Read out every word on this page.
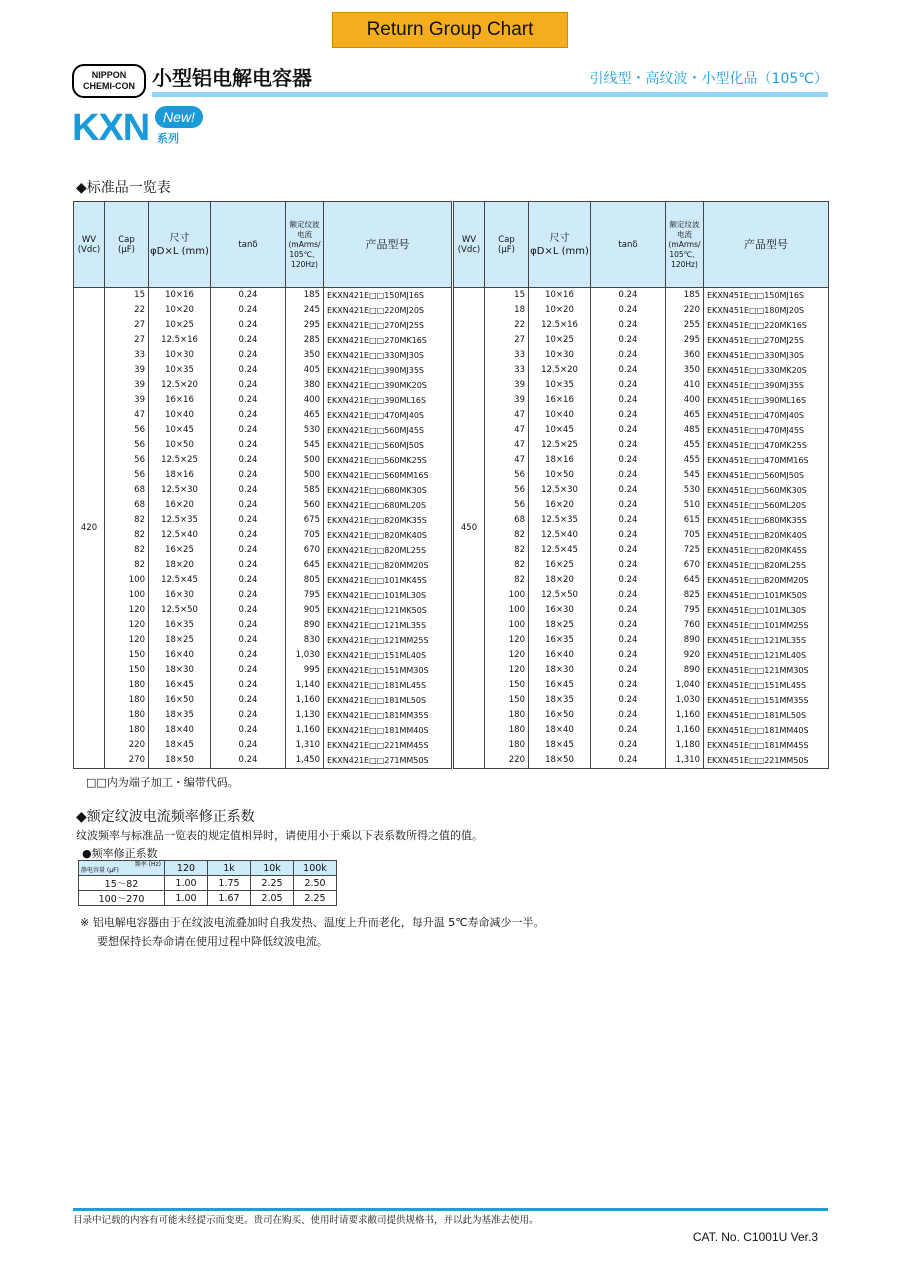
Return Group Chart
NIPPON
CHEMI-CON 小型铝电解电容器	引线型・高纹波・小型化品（105℃）
KXN New!
系列
◆标准品一览表
WV
(Vdc)	Cap
(μF)	尺寸
φD×L (mm)	tanδ	额定纹波
电流
(mArms/
105℃、
120Hz)	产品型号
420	15	10×16	0.24	185	EKXN421E□□150MJ16S
	22	10×20	0.24	245	EKXN421E□□220MJ20S
	27	10×25	0.24	295	EKXN421E□□270MJ25S
	27	12.5×16	0.24	285	EKXN421E□□270MK16S
	33	10×30	0.24	350	EKXN421E□□330MJ30S
	39	10×35	0.24	405	EKXN421E□□390MJ35S
	39	12.5×20	0.24	380	EKXN421E□□390MK20S
	39	16×16	0.24	400	EKXN421E□□390ML16S
	47	10×40	0.24	465	EKXN421E□□470MJ40S
	56	10×45	0.24	530	EKXN421E□□560MJ45S
	56	10×50	0.24	545	EKXN421E□□560MJ50S
	56	12.5×25	0.24	500	EKXN421E□□560MK25S
	56	18×16	0.24	500	EKXN421E□□560MM16S
	68	12.5×30	0.24	585	EKXN421E□□680MK30S
	68	16×20	0.24	560	EKXN421E□□680ML20S
	82	12.5×35	0.24	675	EKXN421E□□820MK35S
	82	12.5×40	0.24	705	EKXN421E□□820MK40S
	82	16×25	0.24	670	EKXN421E□□820ML25S
	82	18×20	0.24	645	EKXN421E□□820MM20S
	100	12.5×45	0.24	805	EKXN421E□□101MK45S
	100	16×30	0.24	795	EKXN421E□□101ML30S
	120	12.5×50	0.24	905	EKXN421E□□121MK50S
	120	16×35	0.24	890	EKXN421E□□121ML35S
	120	18×25	0.24	830	EKXN421E□□121MM25S
	150	16×40	0.24	1,030	EKXN421E□□151ML40S
	150	18×30	0.24	995	EKXN421E□□151MM30S
	180	16×45	0.24	1,140	EKXN421E□□181ML45S
	180	16×50	0.24	1,160	EKXN421E□□181ML50S
	180	18×35	0.24	1,130	EKXN421E□□181MM35S
	180	18×40	0.24	1,160	EKXN421E□□181MM40S
	220	18×45	0.24	1,310	EKXN421E□□221MM45S
	270	18×50	0.24	1,450	EKXN421E□□271MM50S
WV
(Vdc)	Cap
(μF)	尺寸
φD×L (mm)	tanδ	额定纹波
电流
(mArms/
105℃、
120Hz)	产品型号
450	15	10×16	0.24	185	EKXN451E□□150MJ16S
	18	10×20	0.24	220	EKXN451E□□180MJ20S
	22	12.5×16	0.24	255	EKXN451E□□220MK16S
	27	10×25	0.24	295	EKXN451E□□270MJ25S
	33	10×30	0.24	360	EKXN451E□□330MJ30S
	33	12.5×20	0.24	350	EKXN451E□□330MK20S
	39	10×35	0.24	410	EKXN451E□□390MJ35S
	39	16×16	0.24	400	EKXN451E□□390ML16S
	47	10×40	0.24	465	EKXN451E□□470MJ40S
	47	10×45	0.24	485	EKXN451E□□470MJ45S
	47	12.5×25	0.24	455	EKXN451E□□470MK25S
	47	18×16	0.24	455	EKXN451E□□470MM16S
	56	10×50	0.24	545	EKXN451E□□560MJ50S
	56	12.5×30	0.24	530	EKXN451E□□560MK30S
	56	16×20	0.24	510	EKXN451E□□560ML20S
	68	12.5×35	0.24	615	EKXN451E□□680MK35S
	82	12.5×40	0.24	705	EKXN451E□□820MK40S
	82	12.5×45	0.24	725	EKXN451E□□820MK45S
	82	16×25	0.24	670	EKXN451E□□820ML25S
	82	18×20	0.24	645	EKXN451E□□820MM20S
	100	12.5×50	0.24	825	EKXN451E□□101MK50S
	100	16×30	0.24	795	EKXN451E□□101ML30S
	100	18×25	0.24	760	EKXN451E□□101MM25S
	120	16×35	0.24	890	EKXN451E□□121ML35S
	120	16×40	0.24	920	EKXN451E□□121ML40S
	120	18×30	0.24	890	EKXN451E□□121MM30S
	150	16×45	0.24	1,040	EKXN451E□□151ML45S
	150	18×35	0.24	1,030	EKXN451E□□151MM35S
	180	16×50	0.24	1,160	EKXN451E□□181ML50S
	180	18×40	0.24	1,160	EKXN451E□□181MM40S
	180	18×45	0.24	1,180	EKXN451E□□181MM45S
	220	18×50	0.24	1,310	EKXN451E□□221MM50S
□□内为端子加工・编带代码。
◆额定纹波电流频率修正系数
纹波频率与标准品一览表的规定值相异时，请使用小于乘以下表系数所得之值的值。
●频率修正系数
频率 (Hz)
静电容量 (μF)	120	1k	10k	100k
15～82	1.00	1.75	2.25	2.50
100～270	1.00	1.67	2.05	2.25
※ 铝电解电容器由于在纹波电流叠加时自我发热、温度上升而老化，每升温 5℃寿命减少一半。
要想保持长寿命请在使用过程中降低纹波电流。
目录中记载的内容有可能未经提示而变更。贵司在购买、使用时请要求敝司提供规格书，并以此为基准去使用。
CAT. No. C1001U Ver.3
